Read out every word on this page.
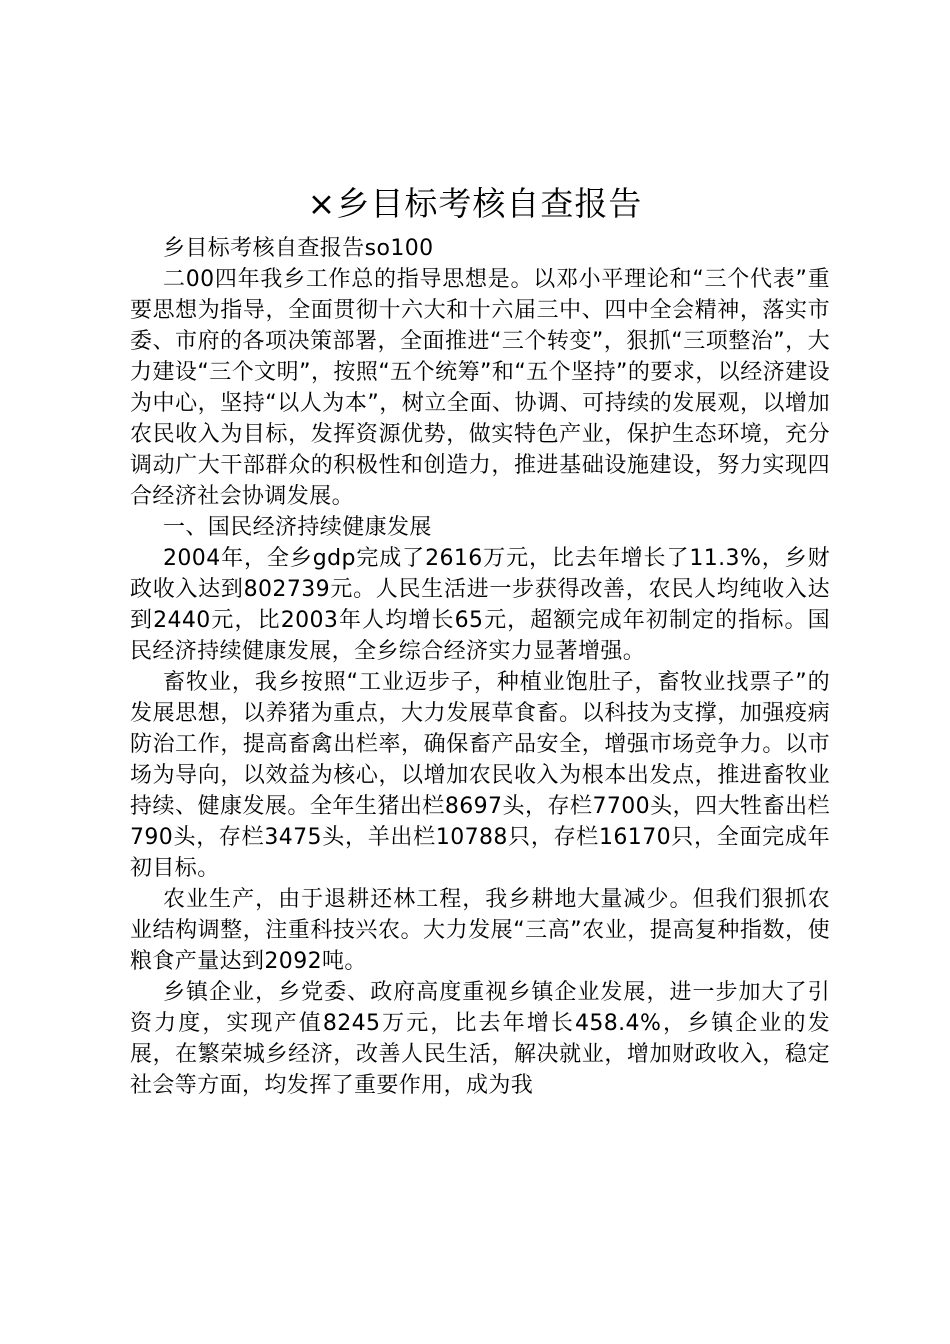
×乡目标考核自查报告

乡目标考核自查报告so100

二00四年我乡工作总的指导思想是。以邓小平理论和“三个代表”重要思想为指导，全面贯彻十六大和十六届三中、四中全会精神，落实市委、市府的各项决策部署，全面推进“三个转变”，狠抓“三项整治”，大力建设“三个文明”，按照“五个统筹”和“五个坚持”的要求，以经济建设为中心，坚持“以人为本”，树立全面、协调、可持续的发展观，以增加农民收入为目标，发挥资源优势，做实特色产业，保护生态环境，充分调动广大干部群众的积极性和创造力，推进基础设施建设，努力实现四合经济社会协调发展。

一、国民经济持续健康发展

2004年，全乡gdp完成了2616万元，比去年增长了11.3%，乡财政收入达到802739元。人民生活进一步获得改善，农民人均纯收入达到2440元，比2003年人均增长65元，超额完成年初制定的指标。国民经济持续健康发展，全乡综合经济实力显著增强。

畜牧业，我乡按照“工业迈步子，种植业饱肚子，畜牧业找票子”的发展思想，以养猪为重点，大力发展草食畜。以科技为支撑，加强疫病防治工作，提高畜禽出栏率，确保畜产品安全，增强市场竞争力。以市场为导向，以效益为核心，以增加农民收入为根本出发点，推进畜牧业持续、健康发展。全年生猪出栏8697头，存栏7700头，四大牲畜出栏790头，存栏3475头，羊出栏10788只，存栏16170只，全面完成年初目标。

农业生产，由于退耕还林工程，我乡耕地大量减少。但我们狠抓农业结构调整，注重科技兴农。大力发展“三高”农业，提高复种指数，使粮食产量达到2092吨。

乡镇企业，乡党委、政府高度重视乡镇企业发展，进一步加大了引资力度，实现产值8245万元，比去年增长458.4%，乡镇企业的发展，在繁荣城乡经济，改善人民生活，解决就业，增加财政收入，稳定社会等方面，均发挥了重要作用，成为我
